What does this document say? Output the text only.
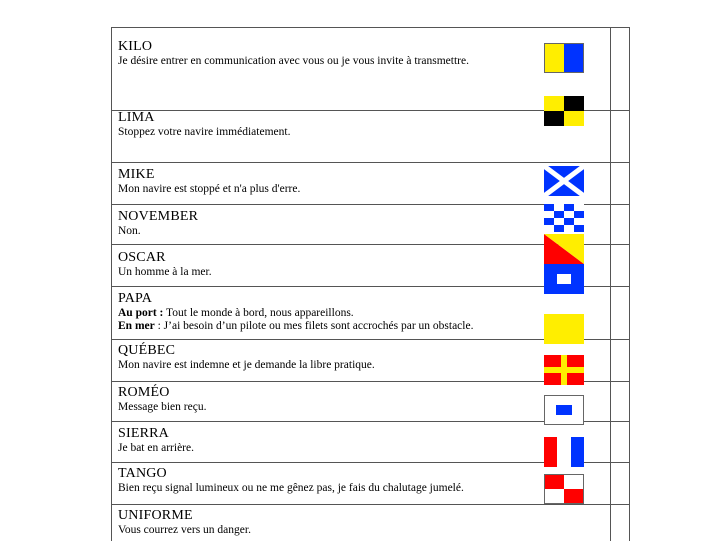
KILO
Je désire entrer en communication avec vous ou je vous invite à transmettre.
LIMA
Stoppez votre navire immédiatement.
MIKE
Mon navire est stoppé et n'a plus d'erre.
NOVEMBER
Non.
OSCAR
Un homme à la mer.
PAPA
Au port : Tout le monde à bord, nous appareillons.
En mer : J’ai besoin d’un pilote ou mes filets sont accrochés par un obstacle.
QUÉBEC
Mon navire est indemne et je demande la libre pratique.
ROMÉO
Message bien reçu.
SIERRA
Je bat en arrière.
TANGO
Bien reçu signal lumineux ou ne me gênez pas, je fais du chalutage jumelé.
UNIFORME
Vous courrez vers un danger.
